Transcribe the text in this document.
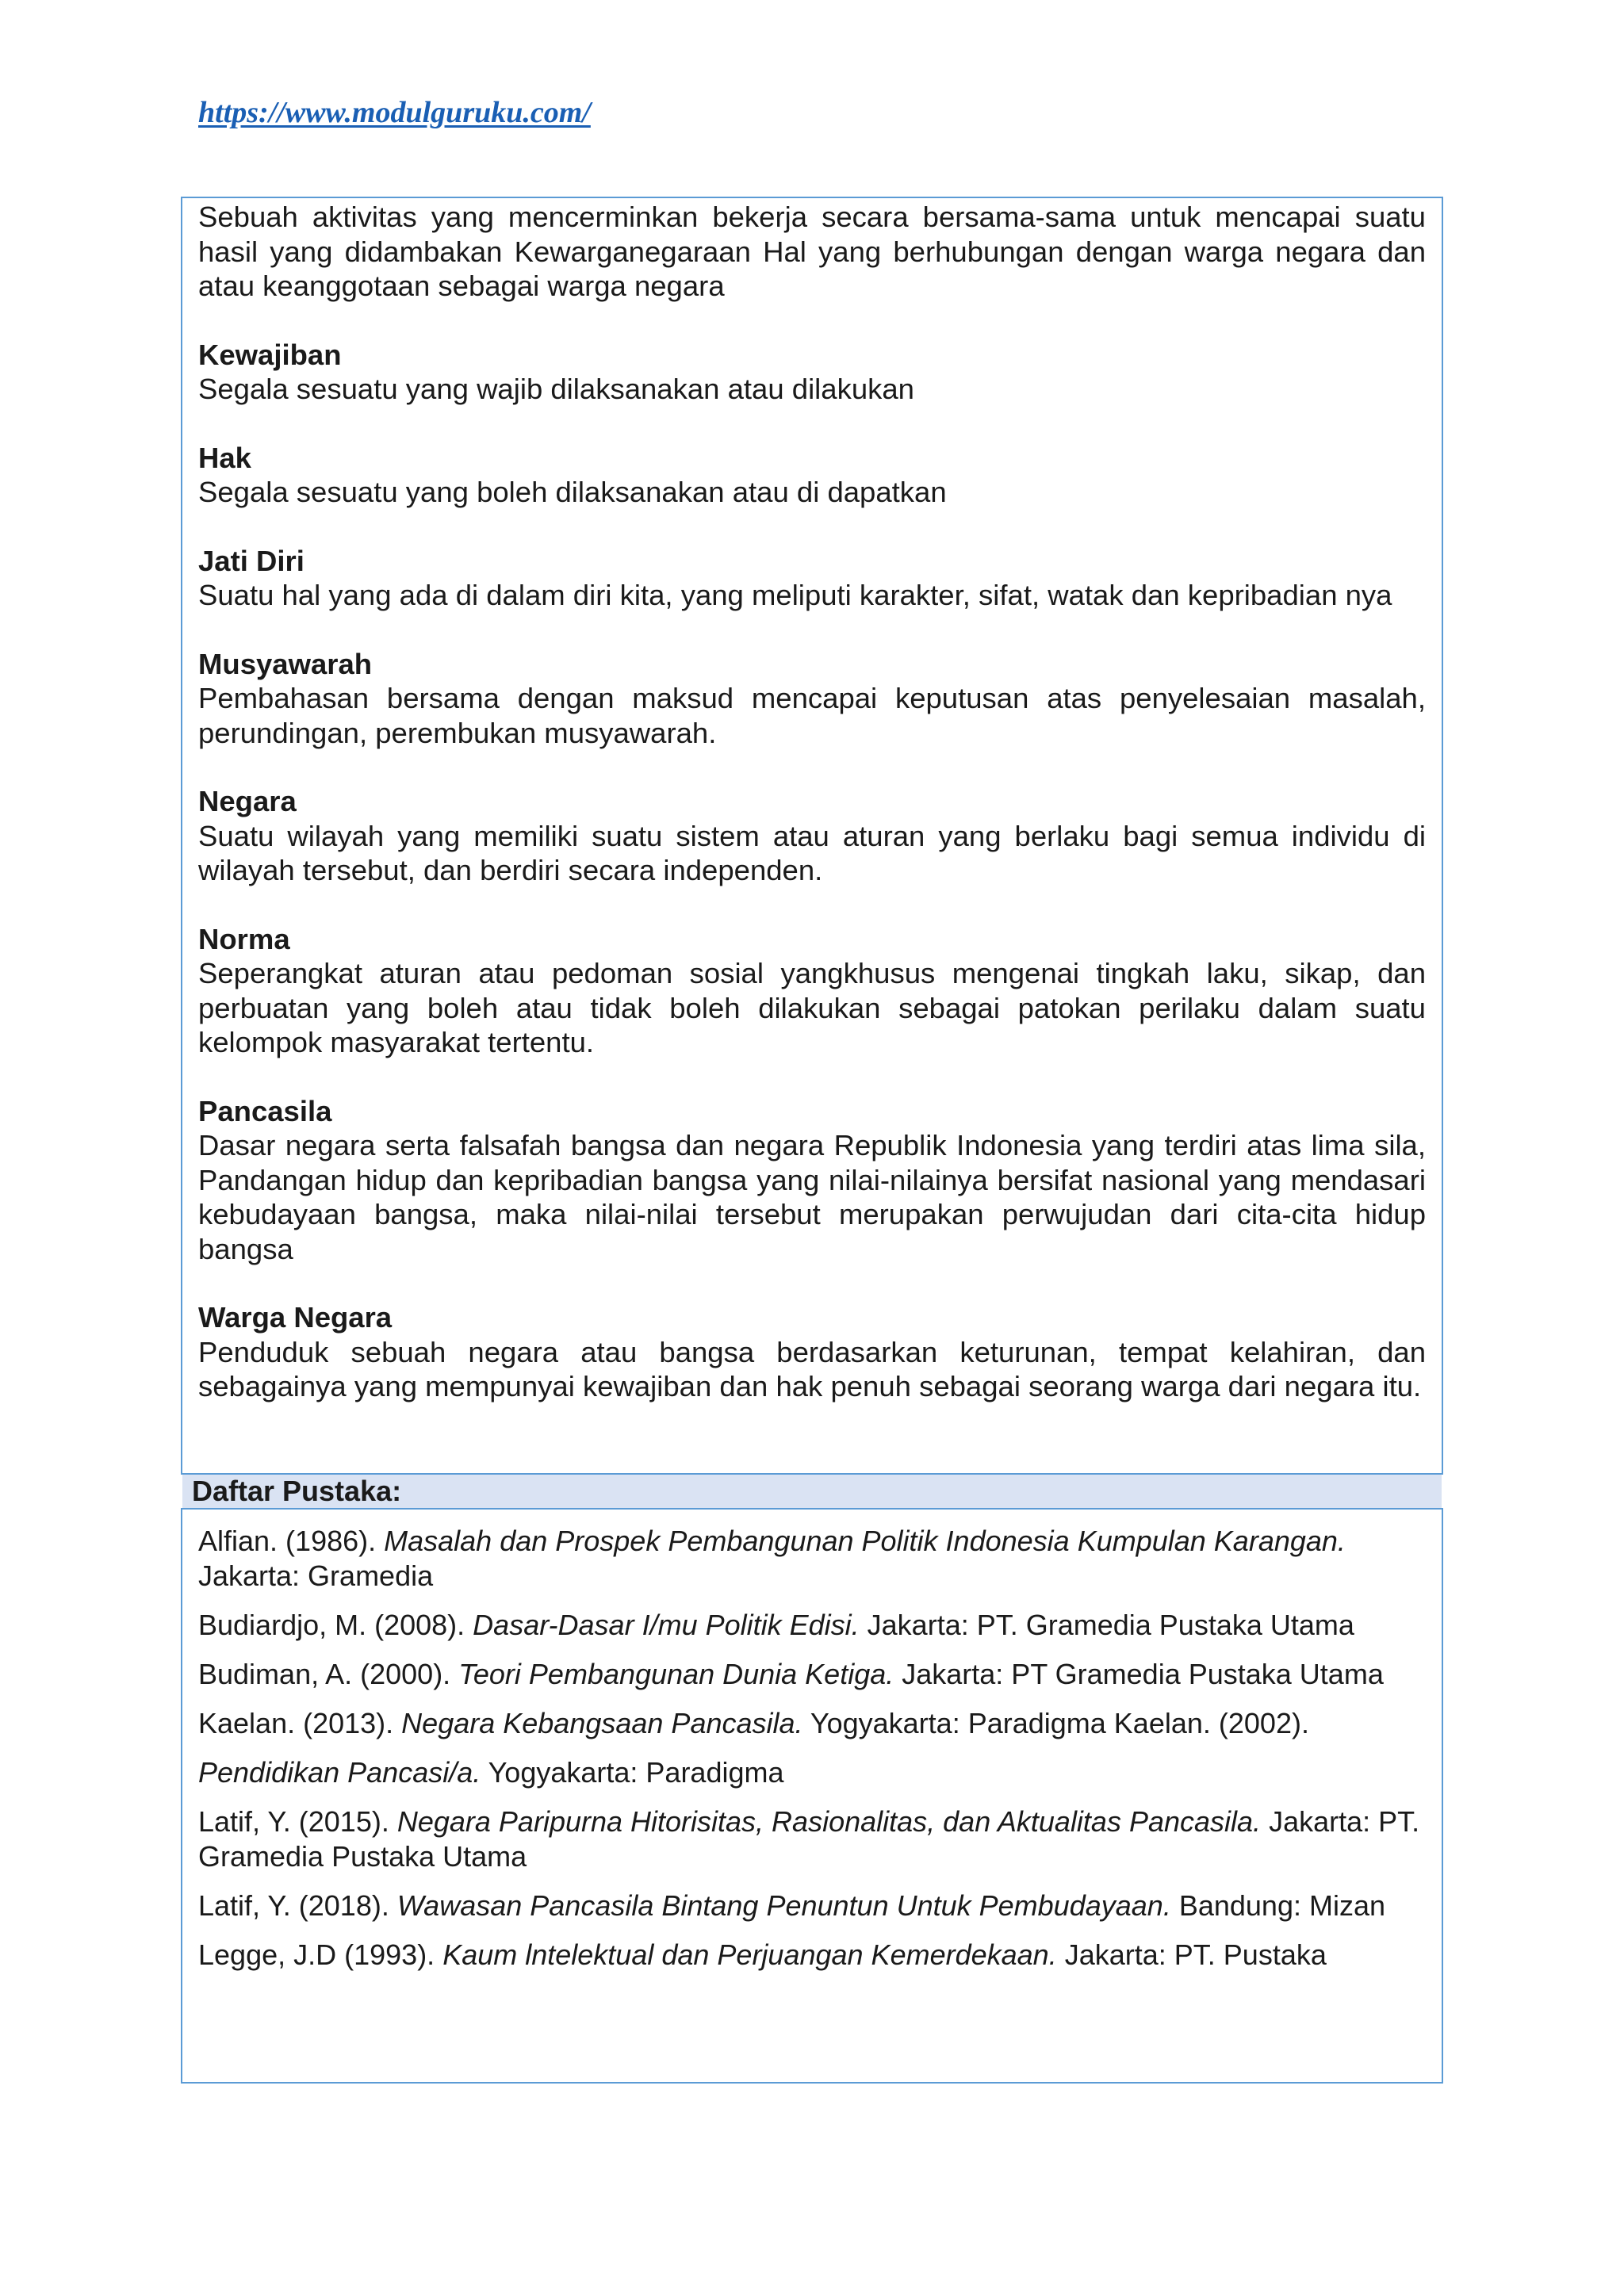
https://www.modulguruku.com/

Sebuah aktivitas yang mencerminkan bekerja secara bersama-sama untuk mencapai suatu hasil yang didambakan Kewarganegaraan Hal yang berhubungan dengan warga negara dan atau keanggotaan sebagai warga negara

Kewajiban

Segala sesuatu yang wajib dilaksanakan atau dilakukan

Hak

Segala sesuatu yang boleh dilaksanakan atau di dapatkan

Jati Diri

Suatu hal yang ada di dalam diri kita, yang meliputi karakter, sifat, watak dan kepribadian nya

Musyawarah

Pembahasan bersama dengan maksud mencapai keputusan atas penyelesaian masalah, perundingan, perembukan musyawarah.

Negara

Suatu wilayah yang memiliki suatu sistem atau aturan yang berlaku bagi semua individu di wilayah tersebut, dan berdiri secara independen.

Norma

Seperangkat aturan atau pedoman sosial yangkhusus mengenai tingkah laku, sikap, dan perbuatan yang boleh atau tidak boleh dilakukan sebagai patokan perilaku dalam suatu kelompok masyarakat tertentu.

Pancasila

Dasar negara serta falsafah bangsa dan negara Republik Indonesia yang terdiri atas lima sila, Pandangan hidup dan kepribadian bangsa yang nilai-nilainya bersifat nasional yang mendasari kebudayaan bangsa, maka nilai-nilai tersebut merupakan perwujudan dari cita-cita hidup bangsa

Warga Negara

Penduduk sebuah negara atau bangsa berdasarkan keturunan, tempat kelahiran, dan sebagainya yang mempunyai kewajiban dan hak penuh sebagai seorang warga dari negara itu.

Daftar Pustaka:

Alfian. (1986). Masalah dan Prospek Pembangunan Politik Indonesia Kumpulan Karangan. Jakarta: Gramedia

Budiardjo, M. (2008). Dasar-Dasar I/mu Politik Edisi. Jakarta: PT. Gramedia Pustaka Utama

Budiman, A. (2000). Teori Pembangunan Dunia Ketiga. Jakarta: PT Gramedia Pustaka Utama

Kaelan. (2013). Negara Kebangsaan Pancasila. Yogyakarta: Paradigma Kaelan. (2002).

Pendidikan Pancasi/a. Yogyakarta: Paradigma

Latif, Y. (2015). Negara Paripurna Hitorisitas, Rasionalitas, dan Aktualitas Pancasila. Jakarta: PT. Gramedia Pustaka Utama

Latif, Y. (2018). Wawasan Pancasila Bintang Penuntun Untuk Pembudayaan. Bandung: Mizan

Legge, J.D (1993). Kaum lntelektual dan Perjuangan Kemerdekaan. Jakarta: PT. Pustaka
